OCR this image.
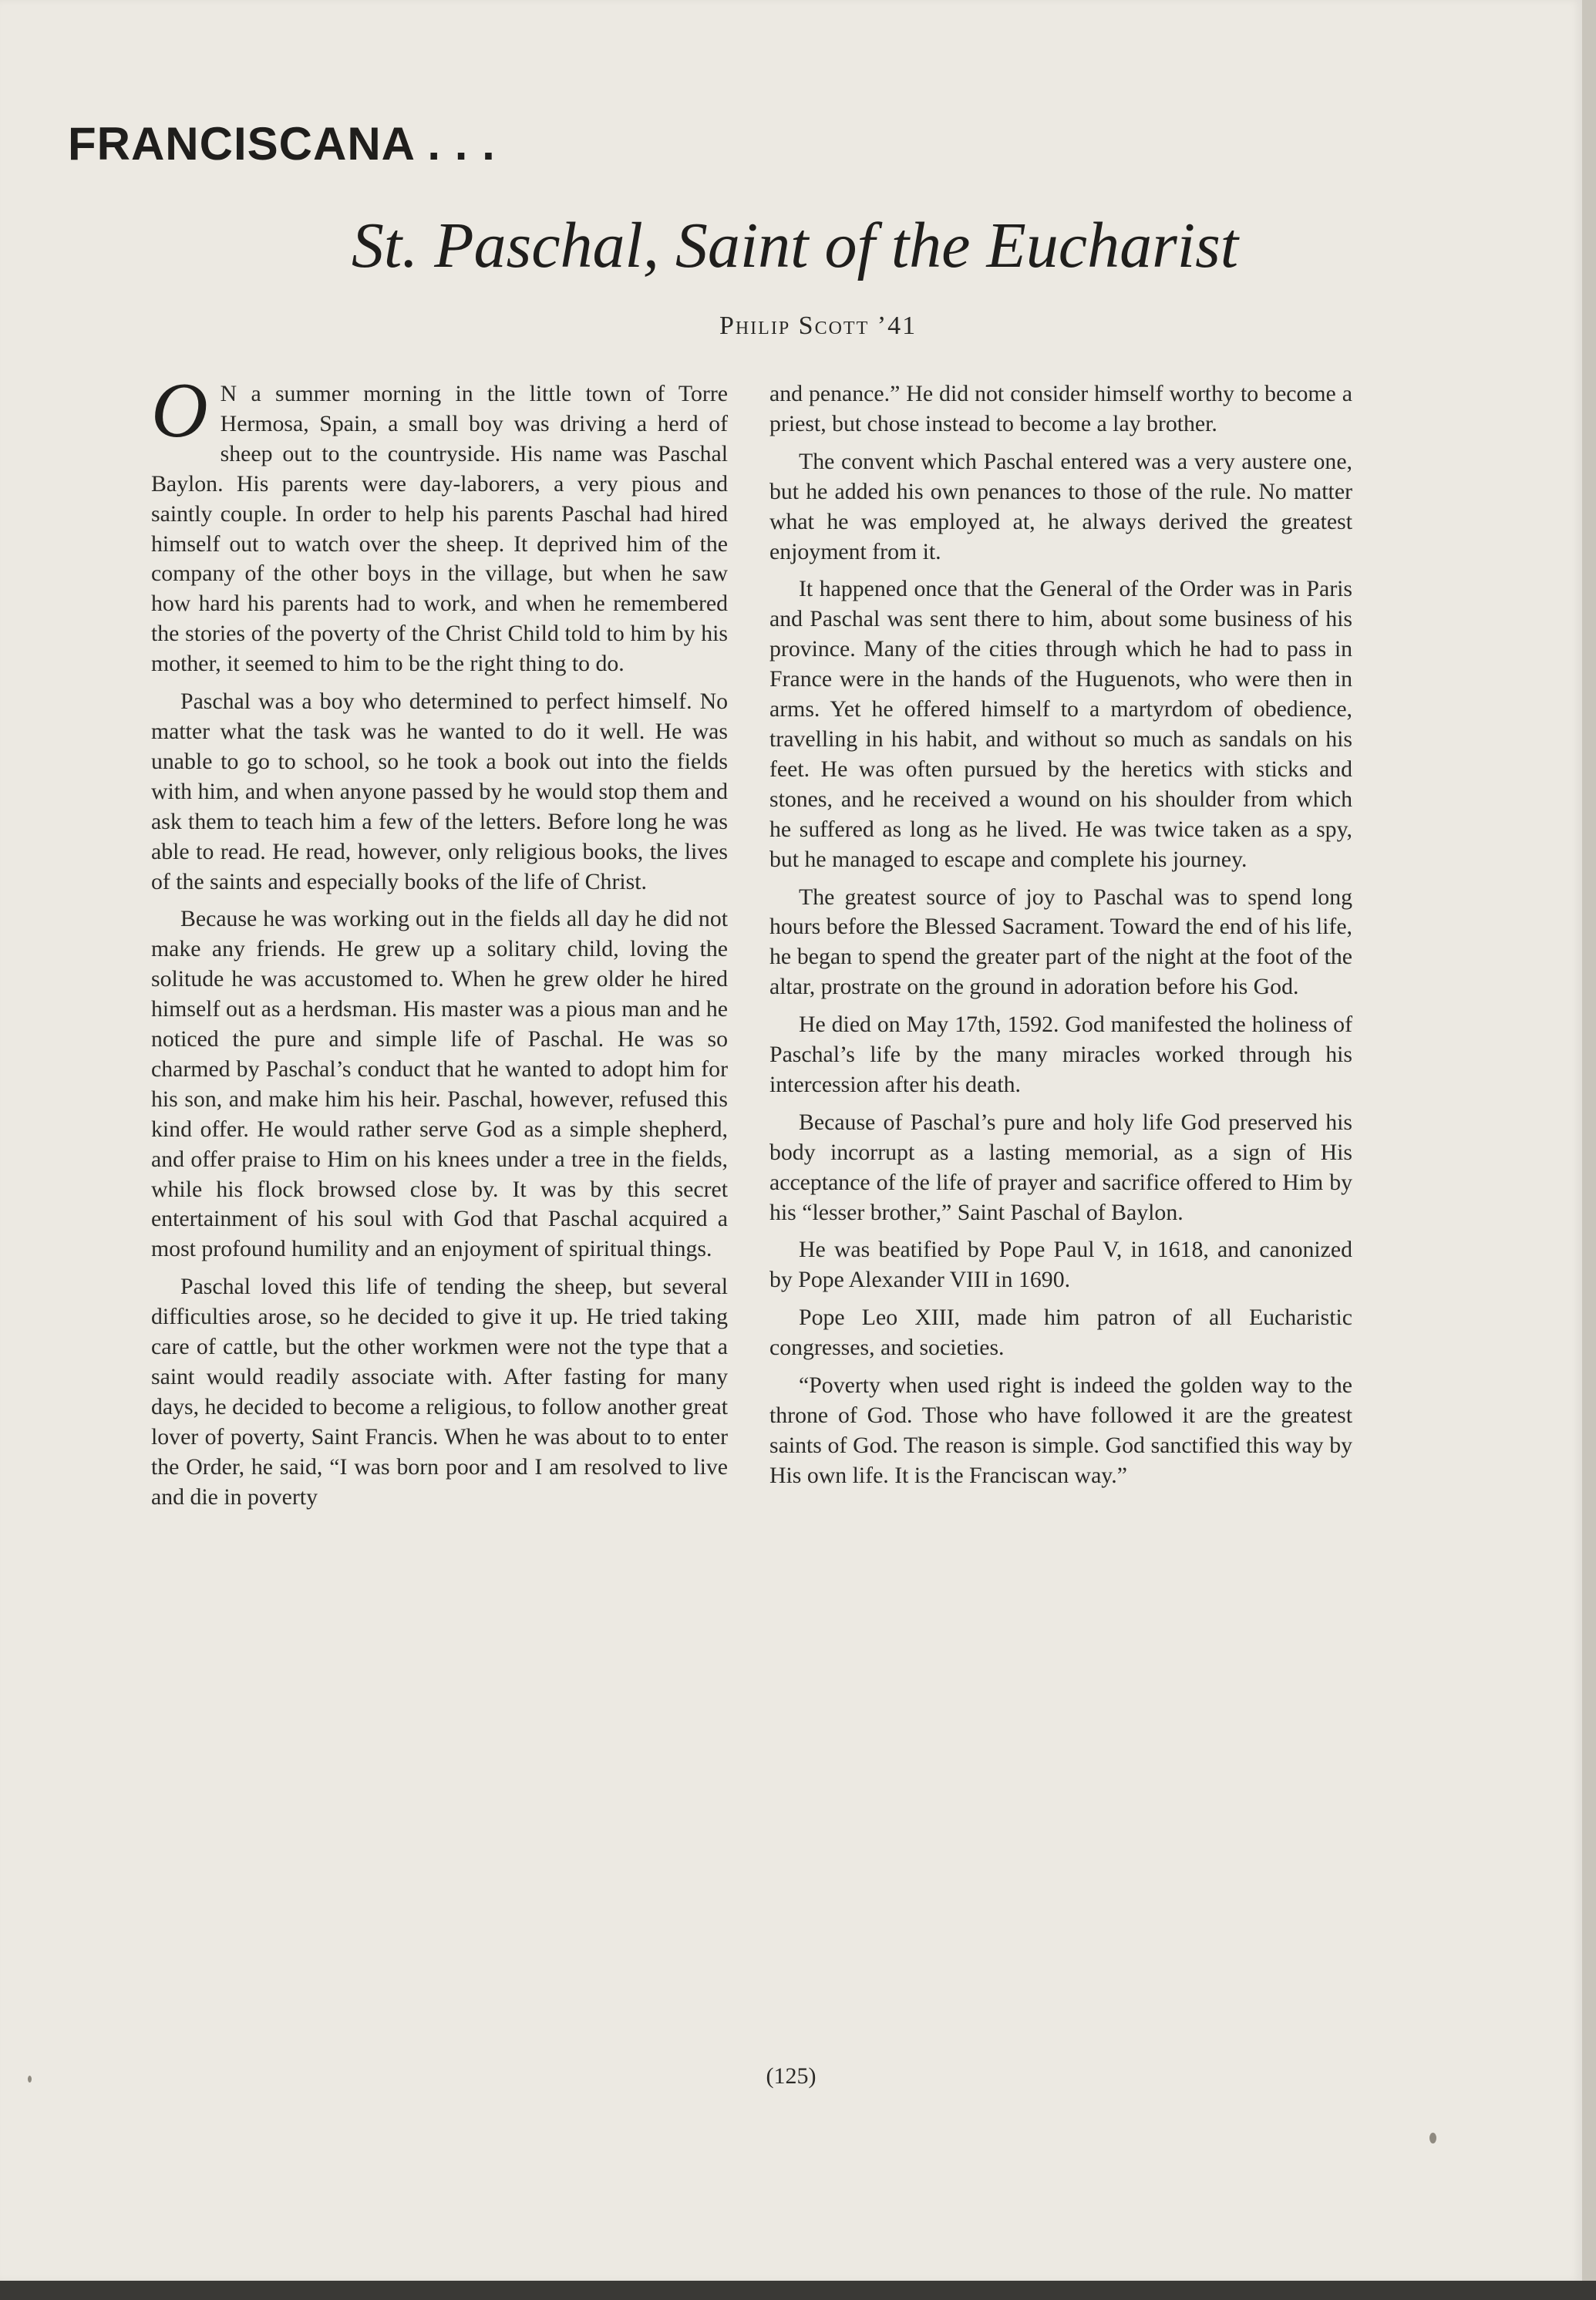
FRANCISCANA . . .
St. Paschal, Saint of the Eucharist
Philip Scott ’41

O N a summer morning in the little town of Torre Hermosa, Spain, a small boy was driving a herd of sheep out to the countryside. His name was Paschal Baylon. His parents were day-laborers, a very pious and saintly couple. In order to help his parents Paschal had hired himself out to watch over the sheep. It deprived him of the company of the other boys in the village, but when he saw how hard his parents had to work, and when he remembered the stories of the poverty of the Christ Child told to him by his mother, it seemed to him to be the right thing to do.

Paschal was a boy who determined to perfect himself. No matter what the task was he wanted to do it well. He was unable to go to school, so he took a book out into the fields with him, and when anyone passed by he would stop them and ask them to teach him a few of the letters. Before long he was able to read. He read, however, only religious books, the lives of the saints and especially books of the life of Christ.

Because he was working out in the fields all day he did not make any friends. He grew up a solitary child, loving the solitude he was accustomed to. When he grew older he hired himself out as a herdsman. His master was a pious man and he noticed the pure and simple life of Paschal. He was so charmed by Paschal’s conduct that he wanted to adopt him for his son, and make him his heir. Paschal, however, refused this kind offer. He would rather serve God as a simple shepherd, and offer praise to Him on his knees under a tree in the fields, while his flock browsed close by. It was by this secret entertainment of his soul with God that Paschal acquired a most profound humility and an enjoyment of spiritual things.

Paschal loved this life of tending the sheep, but several difficulties arose, so he decided to give it up. He tried taking care of cattle, but the other workmen were not the type that a saint would readily associate with. After fasting for many days, he decided to become a religious, to follow another great lover of poverty, Saint Francis. When he was about to to enter the Order, he said, “I was born poor and I am resolved to live and die in poverty

and penance.” He did not consider himself worthy to become a priest, but chose instead to become a lay brother.

The convent which Paschal entered was a very austere one, but he added his own penances to those of the rule. No matter what he was employed at, he always derived the greatest enjoyment from it.

It happened once that the General of the Order was in Paris and Paschal was sent there to him, about some business of his province. Many of the cities through which he had to pass in France were in the hands of the Huguenots, who were then in arms. Yet he offered himself to a martyrdom of obedience, travelling in his habit, and without so much as sandals on his feet. He was often pursued by the heretics with sticks and stones, and he received a wound on his shoulder from which he suffered as long as he lived. He was twice taken as a spy, but he managed to escape and complete his journey.

The greatest source of joy to Paschal was to spend long hours before the Blessed Sacrament. Toward the end of his life, he began to spend the greater part of the night at the foot of the altar, prostrate on the ground in adoration before his God.

He died on May 17th, 1592. God manifested the holiness of Paschal’s life by the many miracles worked through his intercession after his death.

Because of Paschal’s pure and holy life God preserved his body incorrupt as a lasting memorial, as a sign of His acceptance of the life of prayer and sacrifice offered to Him by his “lesser brother,” Saint Paschal of Baylon.

He was beatified by Pope Paul V, in 1618, and canonized by Pope Alexander VIII in 1690.

Pope Leo XIII, made him patron of all Eucharistic congresses, and societies.

“Poverty when used right is indeed the golden way to the throne of God. Those who have followed it are the greatest saints of God. The reason is simple. God sanctified this way by His own life. It is the Franciscan way.”

(125)
